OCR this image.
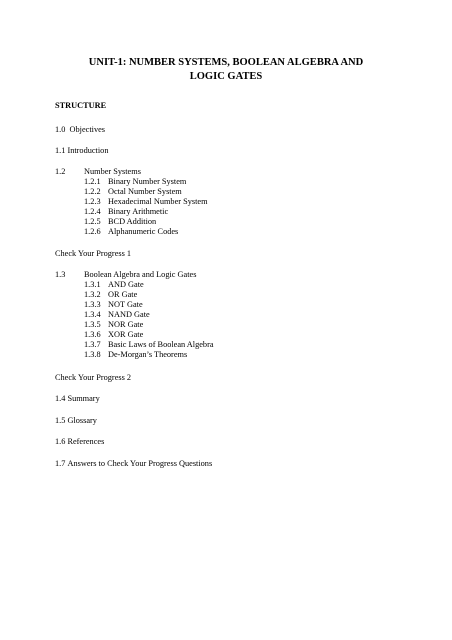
UNIT-1: NUMBER SYSTEMS, BOOLEAN ALGEBRA AND
LOGIC GATES
STRUCTURE
1.0 Objectives
1.1 Introduction
1.2 Number Systems
1.2.1 Binary Number System
1.2.2 Octal Number System
1.2.3 Hexadecimal Number System
1.2.4 Binary Arithmetic
1.2.5 BCD Addition
1.2.6 Alphanumeric Codes
Check Your Progress 1
1.3 Boolean Algebra and Logic Gates
1.3.1 AND Gate
1.3.2 OR Gate
1.3.3 NOT Gate
1.3.4 NAND Gate
1.3.5 NOR Gate
1.3.6 XOR Gate
1.3.7 Basic Laws of Boolean Algebra
1.3.8 De-Morgan’s Theorems
Check Your Progress 2
1.4 Summary
1.5 Glossary
1.6 References
1.7 Answers to Check Your Progress Questions
